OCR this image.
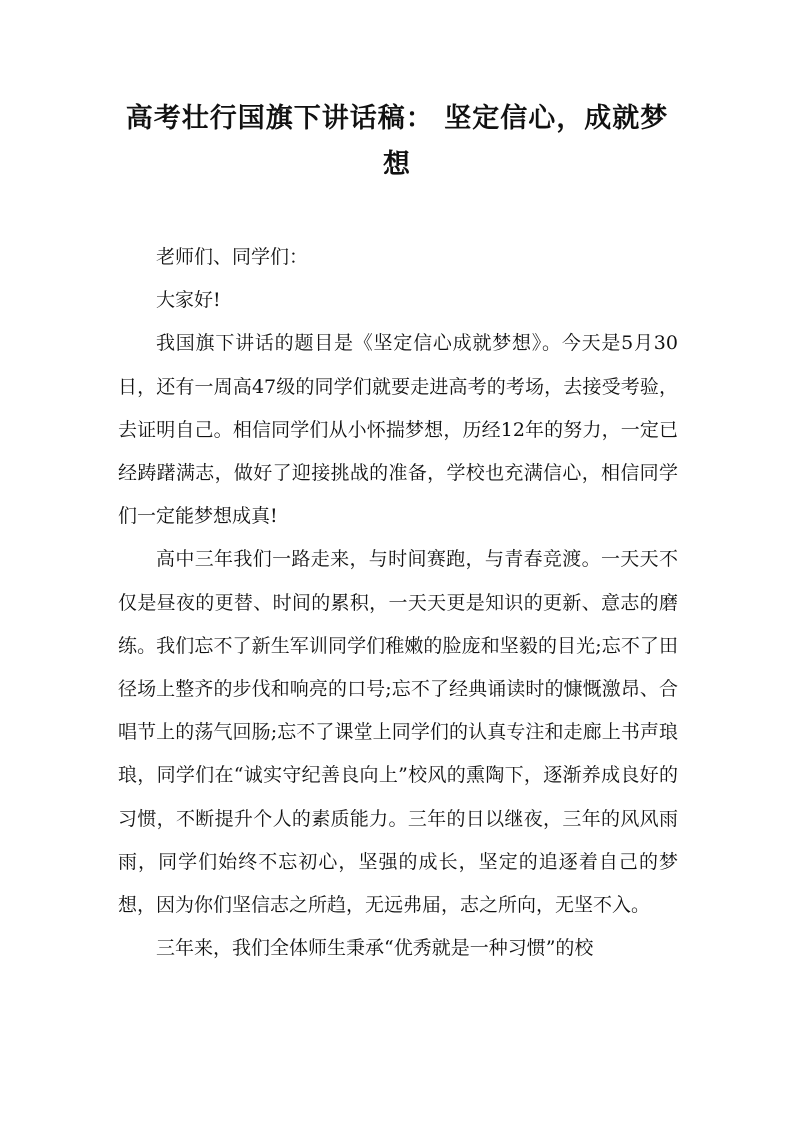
高考壮行国旗下讲话稿： 坚定信心，成就梦想

老师们、同学们：

大家好!

我国旗下讲话的题目是《坚定信心成就梦想》。今天是5月30日，还有一周高47级的同学们就要走进高考的考场，去接受考验，去证明自己。相信同学们从小怀揣梦想，历经12年的努力，一定已经踌躇满志，做好了迎接挑战的准备，学校也充满信心，相信同学们一定能梦想成真!

高中三年我们一路走来，与时间赛跑，与青春竞渡。一天天不仅是昼夜的更替、时间的累积，一天天更是知识的更新、意志的磨练。我们忘不了新生军训同学们稚嫩的脸庞和坚毅的目光;忘不了田径场上整齐的步伐和响亮的口号;忘不了经典诵读时的慷慨激昂、合唱节上的荡气回肠;忘不了课堂上同学们的认真专注和走廊上书声琅琅，同学们在“诚实守纪善良向上”校风的熏陶下，逐渐养成良好的习惯，不断提升个人的素质能力。三年的日以继夜，三年的风风雨雨，同学们始终不忘初心，坚强的成长，坚定的追逐着自己的梦想，因为你们坚信志之所趋，无远弗届，志之所向，无坚不入。

三年来，我们全体师生秉承“优秀就是一种习惯”的校
